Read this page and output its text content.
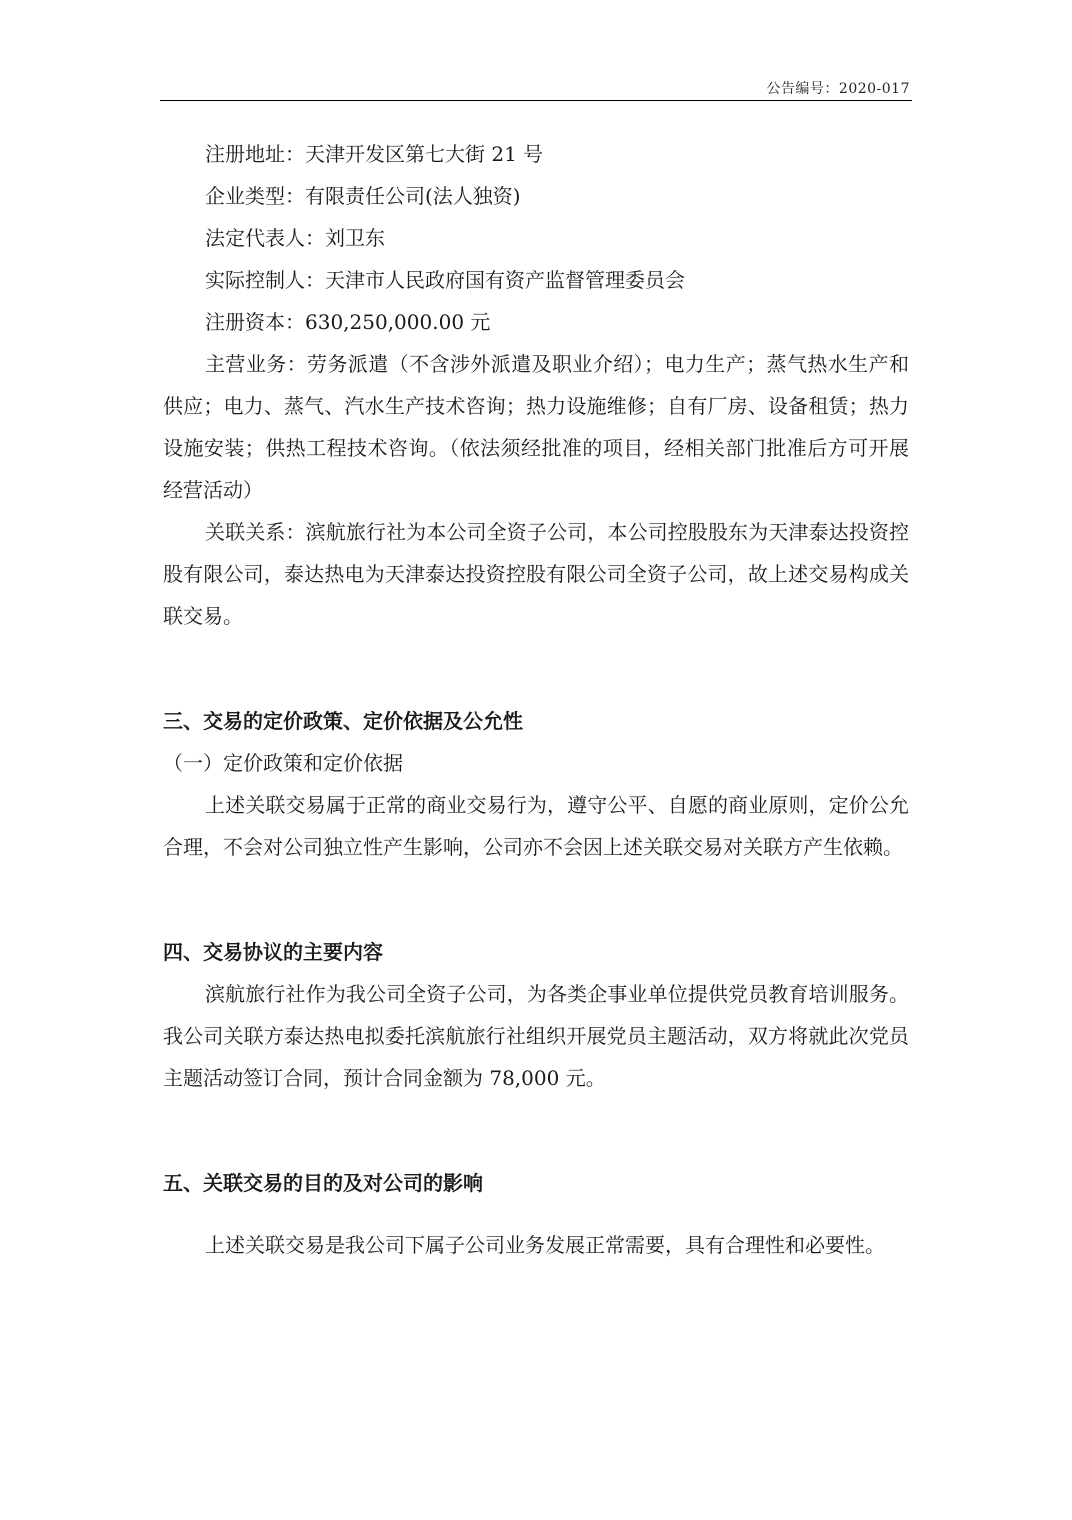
公告编号：2020-017

注册地址：天津开发区第七大街 21 号

企业类型：有限责任公司(法人独资)

法定代表人：刘卫东

实际控制人：天津市人民政府国有资产监督管理委员会

注册资本：630,250,000.00 元

主营业务：劳务派遣（不含涉外派遣及职业介绍）；电力生产；蒸气热水生产和供应；电力、蒸气、汽水生产技术咨询；热力设施维修；自有厂房、设备租赁；热力设施安装；供热工程技术咨询。（依法须经批准的项目，经相关部门批准后方可开展经营活动）

关联关系：滨航旅行社为本公司全资子公司，本公司控股股东为天津泰达投资控股有限公司，泰达热电为天津泰达投资控股有限公司全资子公司，故上述交易构成关联交易。

三、交易的定价政策、定价依据及公允性

（一）定价政策和定价依据

上述关联交易属于正常的商业交易行为，遵守公平、自愿的商业原则，定价公允合理，不会对公司独立性产生影响，公司亦不会因上述关联交易对关联方产生依赖。

四、交易协议的主要内容

滨航旅行社作为我公司全资子公司，为各类企事业单位提供党员教育培训服务。我公司关联方泰达热电拟委托滨航旅行社组织开展党员主题活动，双方将就此次党员主题活动签订合同，预计合同金额为 78,000 元。

五、关联交易的目的及对公司的影响

上述关联交易是我公司下属子公司业务发展正常需要，具有合理性和必要性。
